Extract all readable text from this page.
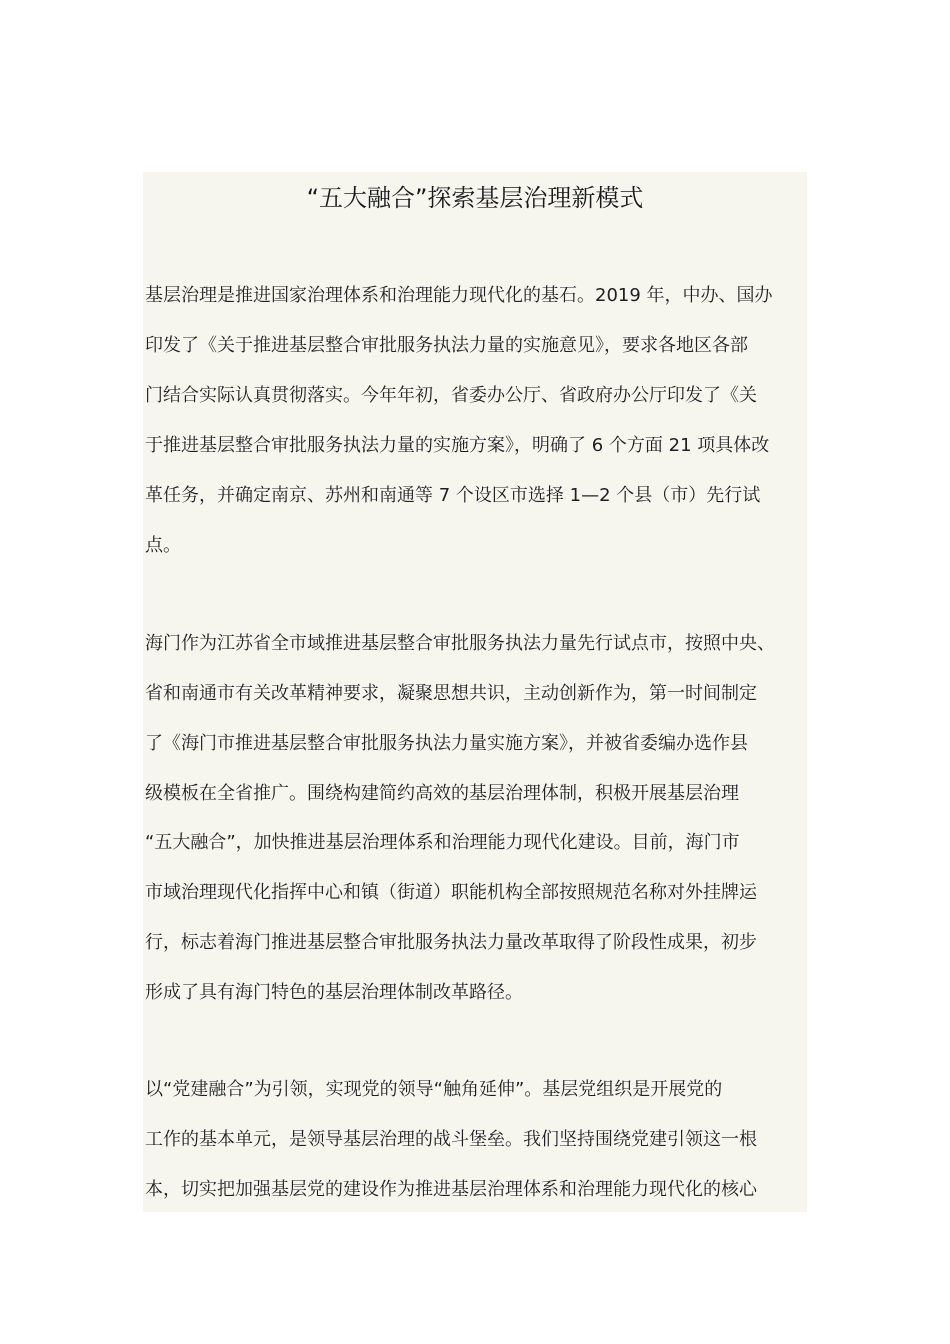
“五大融合”探索基层治理新模式
基层治理是推进国家治理体系和治理能力现代化的基石。2019 年，中办、国办
印发了《关于推进基层整合审批服务执法力量的实施意见》，要求各地区各部
门结合实际认真贯彻落实。今年年初，省委办公厅、省政府办公厅印发了《关
于推进基层整合审批服务执法力量的实施方案》，明确了 6 个方面 21 项具体改
革任务，并确定南京、苏州和南通等 7 个设区市选择 1—2 个县（市）先行试
点。
海门作为江苏省全市域推进基层整合审批服务执法力量先行试点市，按照中央、
省和南通市有关改革精神要求，凝聚思想共识，主动创新作为，第一时间制定
了《海门市推进基层整合审批服务执法力量实施方案》，并被省委编办选作县
级模板在全省推广。围绕构建简约高效的基层治理体制，积极开展基层治理
“五大融合”，加快推进基层治理体系和治理能力现代化建设。目前，海门市
市域治理现代化指挥中心和镇（街道）职能机构全部按照规范名称对外挂牌运
行，标志着海门推进基层整合审批服务执法力量改革取得了阶段性成果，初步
形成了具有海门特色的基层治理体制改革路径。
以“党建融合”为引领，实现党的领导“触角延伸”。基层党组织是开展党的
工作的基本单元，是领导基层治理的战斗堡垒。我们坚持围绕党建引领这一根
本，切实把加强基层党的建设作为推进基层治理体系和治理能力现代化的核心
